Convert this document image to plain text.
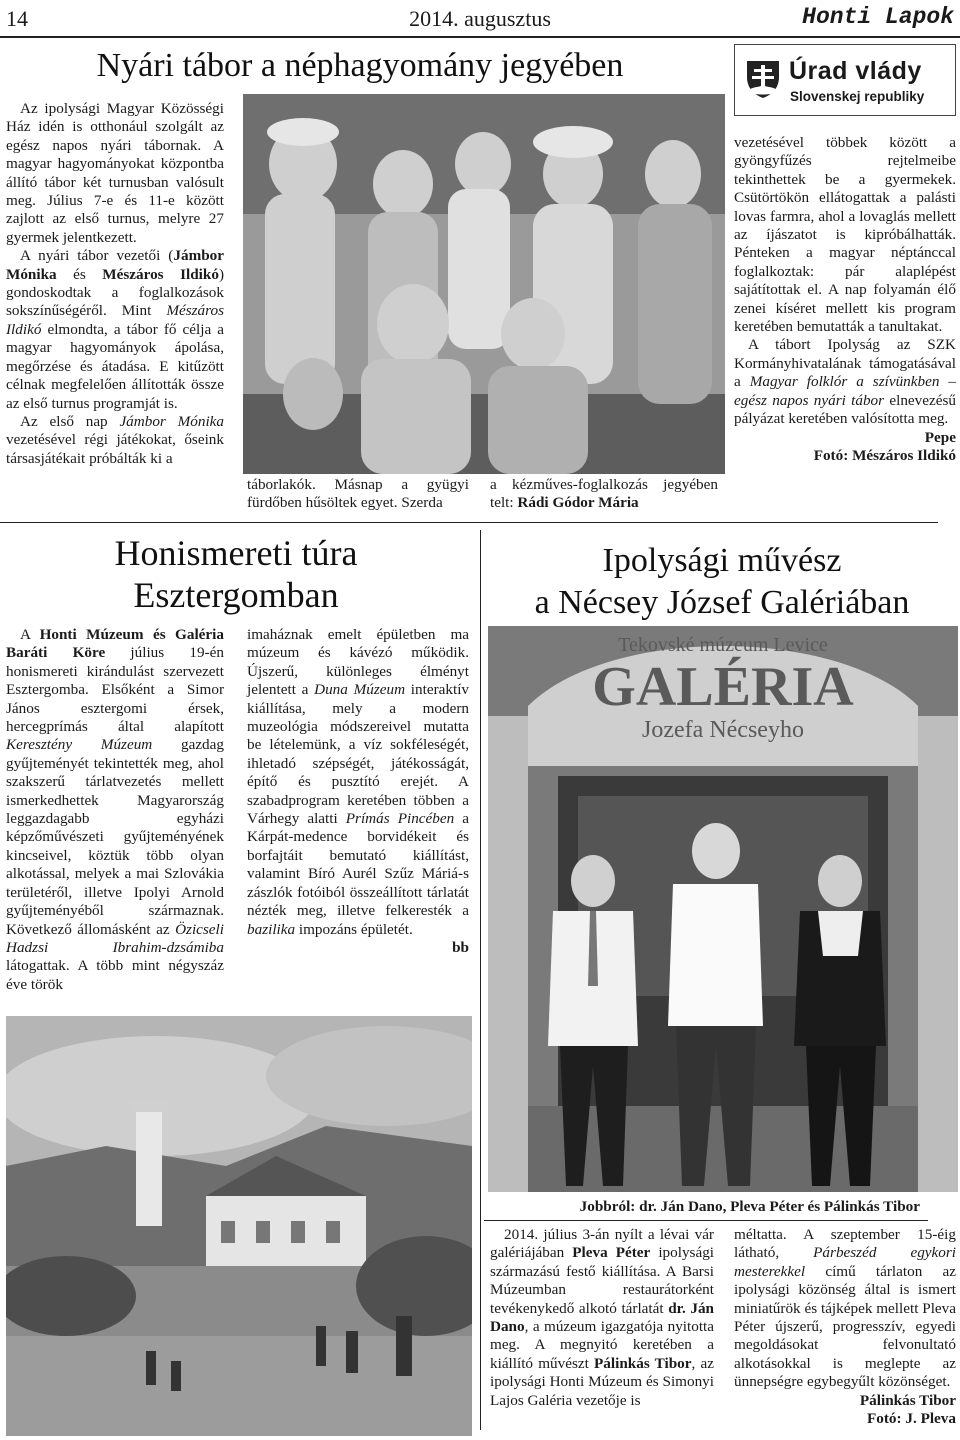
14	2014. augusztus	Honti Lapok
Nyári tábor a néphagyomány jegyében	Úrad vlády
Slovenskej republiky

Az ipolysági Magyar Közösségi Ház idén is otthonául szolgált az egész napos nyári tábornak. A magyar hagyományokat központba állító tábor két turnusban valósult meg. Július 7-e és 11-e között zajlott az első turnus, melyre 27 gyermek jelentkezett.

A nyári tábor vezetői (Jámbor Mónika és Mészáros Ildikó) gondoskodtak a foglalkozások sokszínűségéről. Mint Mészáros Ildikó elmondta, a tábor fő célja a magyar hagyományok ápolása, megőrzése és átadása. E kitűzött célnak megfelelően állították össze az első turnus programját is.

Az első nap Jámbor Mónika vezetésével régi játékokat, őseink társasjátékait próbálták ki a

táborlakók. Másnap a gyügyi fürdőben hűsöltek egyet. Szerda

a kézműves-foglalkozás jegyében telt: Rádi Gódor Mária

vezetésével többek között a gyöngyfűzés rejtelmeibe tekinthettek be a gyermekek. Csütörtökön ellátogattak a palásti lovas farmra, ahol a lovaglás mellett az íjászatot is kipróbálhatták. Pénteken a magyar néptánccal foglalkoztak: pár alaplépést sajátítottak el. A nap folyamán élő zenei kíséret mellett kis program keretében bemutatták a tanultakat.

A tábort Ipolyság az SZK Kormányhivatalának támogatásával a Magyar folklór a szívünkben – egész napos nyári tábor elnevezésű pályázat keretében valósította meg.

Pepe

Fotó: Mészáros Ildikó

Honismereti túra
Esztergomban

A Honti Múzeum és Galéria Baráti Köre július 19-én honismereti kirándulást szervezett Esztergomba. Elsőként a Simor János esztergomi érsek, hercegprímás által alapított Keresztény Múzeum gazdag gyűjteményét tekintették meg, ahol szakszerű tárlatvezetés mellett ismerkedhettek Magyarország leggazdagabb egyházi képzőművészeti gyűjteményének kincseivel, köztük több olyan alkotással, melyek a mai Szlovákia területéről, illetve Ipolyi Arnold gyűjteményéből származnak. Következő állomásként az Özicseli Hadzsi Ibrahim-dzsámiba látogattak. A több mint négyszáz éve török

imaháznak emelt épületben ma múzeum és kávézó működik. Újszerű, különleges élményt jelentett a Duna Múzeum interaktív kiállítása, mely a modern muzeológia módszereivel mutatta be lételemünk, a víz sokféleségét, ihletadó szépségét, játékosságát, építő és pusztító erejét. A szabadprogram keretében többen a Várhegy alatti Prímás Pincében a Kárpát-medence borvidékeit és borfajtáit bemutató kiállítást, valamint Bíró Aurél Szűz Máriá-s zászlók fotóiból összeállított tárlatát nézték meg, illetve felkeresték a bazilika impozáns épületét.

bb

Ipolysági művész
a Nécsey József Galériában
Tekovské múzeum Levice
GALÉRIA
Jozefa Nécseyho
Jobbról: dr. Ján Dano, Pleva Péter és Pálinkás Tibor

2014. július 3-án nyílt a lévai vár galériájában Pleva Péter ipolysági származású festő kiállítása. A Barsi Múzeumban restaurátorként tevékenykedő alkotó tárlatát dr. Ján Dano, a múzeum igazgatója nyitotta meg. A megnyitó keretében a kiállító művészt Pálinkás Tibor, az ipolysági Honti Múzeum és Simonyi Lajos Galéria vezetője is

méltatta. A szeptember 15-éig látható, Párbeszéd egykori mesterekkel című tárlaton az ipolysági közönség által is ismert miniatűrök és tájképek mellett Pleva Péter újszerű, progresszív, egyedi megoldásokat felvonultató alkotásokkal is meglepte az ünnepségre egybegyűlt közönséget.

Pálinkás Tibor

Fotó: J. Pleva
